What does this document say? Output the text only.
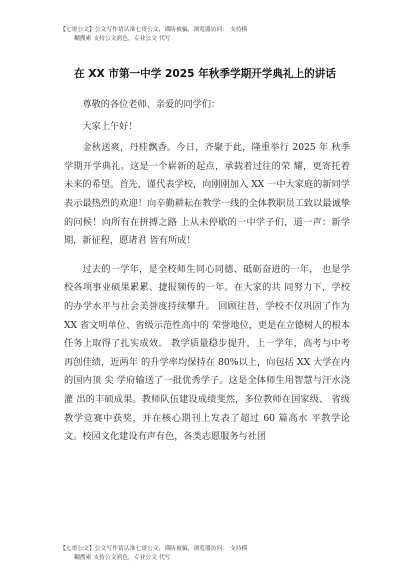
【七哥公文】公文写作请认准七哥公文，谨防被骗，浏览器访问： 支持模
糊搜索 支持公文润色，专业公文 代写
在 XX 市第一中学 2025 年秋季学期开学典礼上的讲话

尊敬的各位老师、亲爱的同学们：

大家上午好！

金秋送爽，丹桂飘香。今日，齐聚于此，隆重举行 2025 年 秋季学期开学典礼。这是一个崭新的起点，承载着过往的荣 耀，更寄托着未来的希望。首先，谨代表学校，向刚刚加入 XX 一中大家庭的新同学表示最热烈的欢迎！向辛勤耕耘在教学一线的全体教职员工致以最诚挚的问候！向所有在拼搏之路 上从未停歇的一中学子们，道一声：新学期，新征程，愿诸君 皆有所成！

过去的一学年，是全校师生同心同德、砥砺奋进的一年， 也是学校各项事业硕果累累、捷报频传的一年。在大家的共 同努力下，学校的办学水平与社会美誉度持续攀升。 回顾往昔，学校不仅巩固了作为 XX 省文明单位、省级示范性高中的 荣誉地位，更是在立德树人的根本任务上取得了扎实成效。 教学质量稳步提升，上一学年，高考与中考再创佳绩，近两年 的升学率均保持在 80%以上，向包括 XX 大学在内的国内顶 尖 学府输送了一批优秀学子。这是全体师生用智慧与汗水浇灌 出的丰硕成果。教师队伍建设成绩斐然，多位教师在国家级、 省级教学竞赛中获奖，并在核心期刊上发表了超过 60 篇高水 平教学论文。校园文化建设有声有色，各类志愿服务与社团

【七哥公文】公文写作请认准七哥公文，谨防被骗，浏览器访问： 支持模
糊搜索 支持公文润色，专业公文 代写
